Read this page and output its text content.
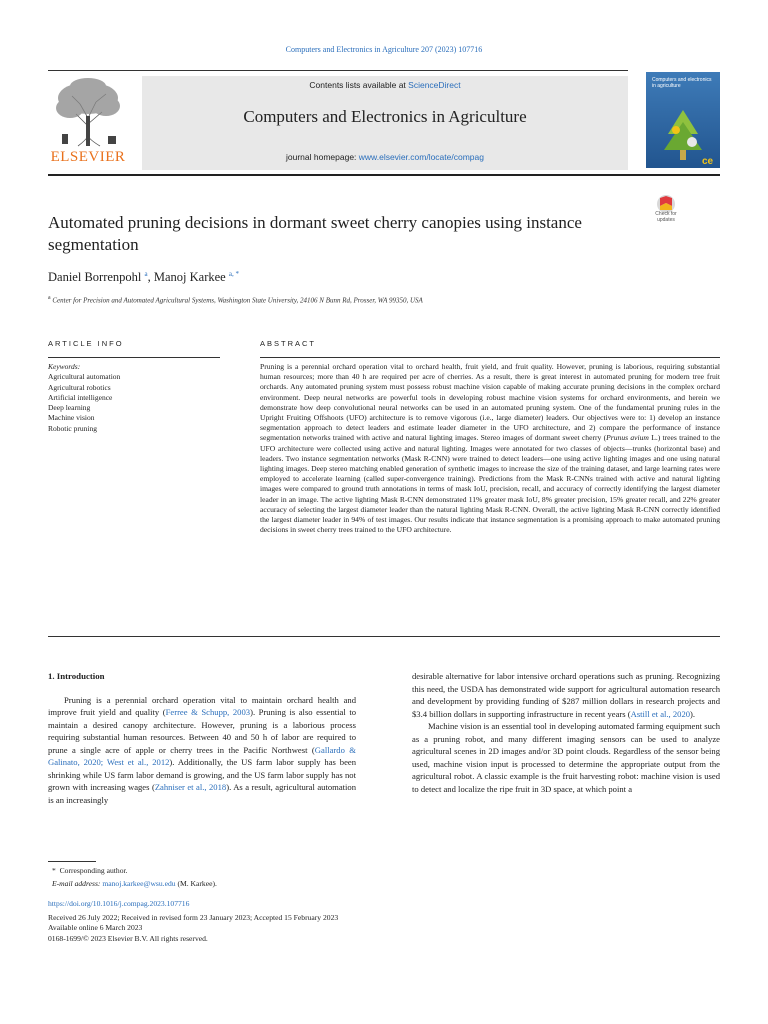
Computers and Electronics in Agriculture 207 (2023) 107716
ELSEVIER
Contents lists available at ScienceDirect
Computers and Electronics in Agriculture
journal homepage: www.elsevier.com/locate/compag
Computers and electronics in agriculture
ce
Automated pruning decisions in dormant sweet cherry canopies using instance segmentation
Check for updates
Daniel Borrenpohl $^a$, Manoj Karkee $^{a, *}$
$^a$ Center for Precision and Automated Agricultural Systems, Washington State University, 24106 N Bunn Rd, Prosser, WA 99350, USA
ARTICLE INFO	ABSTRACT
Keywords:
Agricultural automation
Agricultural robotics
Artificial intelligence
Deep learning
Machine vision
Robotic pruning
Pruning is a perennial orchard operation vital to orchard health, fruit yield, and fruit quality. However, pruning is laborious, requiring substantial human resources; more than 40 h are required per acre of cherries. As a result, there is great interest in automated pruning for modern tree fruit orchards. Any automated pruning system must possess robust machine vision capable of making accurate pruning decisions in the complex orchard environment. Deep neural networks are powerful tools in developing robust machine vision systems for orchard environments, and herein we demonstrate how deep convolutional neural networks can be used in an automated pruning system. One of the fundamental pruning rules in the Upright Fruiting Offshoots (UFO) architecture is to remove vigorous (i.e., large diameter) leaders. Our objectives were to: 1) develop an instance segmentation approach to detect leaders and estimate leader diameter in the UFO architecture, and 2) compare the performance of instance segmentation networks trained with active and natural lighting images. Stereo images of dormant sweet cherry (Prunus avium L.) trees trained to the UFO architecture were collected using active and natural lighting. Images were annotated for two classes of objects—trunks (horizontal base) and leaders. Two instance segmentation networks (Mask R-CNN) were trained to detect leaders—one using active lighting images and one using natural lighting images. Deep stereo matching enabled generation of synthetic images to increase the size of the training dataset, and large learning rates were employed to accelerate learning (called super-convergence training). Predictions from the Mask R-CNNs trained with active and natural lighting images were compared to ground truth annotations in terms of mask IoU, precision, recall, and accuracy of correctly identifying the largest diameter leader in an image. The active lighting Mask R-CNN demonstrated 11% greater mask IoU, 8% greater precision, 15% greater recall, and 22% greater accuracy of selecting the largest diameter leader than the natural lighting Mask R-CNN. Overall, the active lighting Mask R-CNN correctly identified the largest diameter leader in 94% of test images. Our results indicate that instance segmentation is a promising approach to make automated pruning decisions in sweet cherry trees trained to the UFO architecture.
1. Introduction

Pruning is a perennial orchard operation vital to maintain orchard health and improve fruit yield and quality (Ferree & Schupp, 2003). Pruning is also essential to maintain a desired canopy architecture. However, pruning is a laborious process requiring substantial human resources. Between 40 and 50 h of labor are required to prune a single acre of apple or cherry trees in the Pacific Northwest (Gallardo & Galinato, 2020; West et al., 2012). Additionally, the US farm labor supply has been shrinking while US farm labor demand is growing, and the US farm labor supply has not grown with increasing wages (Zahniser et al., 2018). As a result, agricultural automation is an increasingly

desirable alternative for labor intensive orchard operations such as pruning. Recognizing this need, the USDA has demonstrated wide support for agricultural automation research and development by providing funding of $287 million dollars in research projects and $3.4 billion dollars in supporting infrastructure in recent years (Astill et al., 2020).

Machine vision is an essential tool in developing automated farming equipment such as a pruning robot, and many different imaging sensors can be used to analyze agricultural scenes in 2D images and/or 3D point clouds. Regardless of the sensor being used, machine vision input is processed to determine the appropriate output from the agricultural robot. A classic example is the fruit harvesting robot: machine vision is used to detect and localize the ripe fruit in 3D space, at which point a

* Corresponding author.
E-mail address: manoj.karkee@wsu.edu (M. Karkee).
https://doi.org/10.1016/j.compag.2023.107716
Received 26 July 2022; Received in revised form 23 January 2023; Accepted 15 February 2023
Available online 6 March 2023
0168-1699/© 2023 Elsevier B.V. All rights reserved.
